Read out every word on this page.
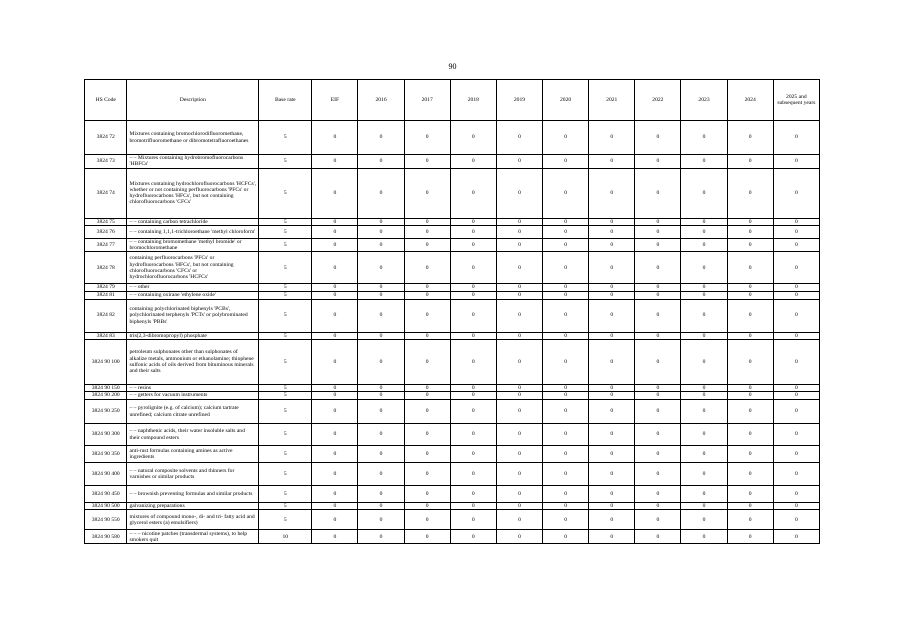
90
HS Code	Description	Base rate	EIF	2016	2017	2018	2019	2020	2021	2022	2023	2024	2025 and subsequent years
3824 72	Mixtures containing bromochlorodifluoromethane, bromotrifluoromethane or dibromotetrafluoroethanes	5	0	0	0	0	0	0	0	0	0	0	0
3824 73	– – Mixtures containing hydrobromofluorocarbons 'HBFCs'	5	0	0	0	0	0	0	0	0	0	0	0
3824 74	Mixtures containing hydrochlorofluorocarbons 'HCFCs', whether or not containing perfluorocarbons 'PFCs' or hydrofluorocarbons 'HFCs', but not containing chlorofluorocarbons 'CFCs'	5	0	0	0	0	0	0	0	0	0	0	0
3824 75	– – containing carbon tetrachloride	5	0	0	0	0	0	0	0	0	0	0	0
3824 76	– – containing 1,1,1-trichloroethane 'methyl chloroform'	5	0	0	0	0	0	0	0	0	0	0	0
3824 77	– – containing bromomethane 'methyl bromide' or bromochloromethane	5	0	0	0	0	0	0	0	0	0	0	0
3824 78	containing perfluorocarbons 'PFCs' or hydrofluorocarbons 'HFCs', but not containing chlorofluorocarbons 'CFCs' or hydrochlorofluorocarbons 'HCFCs'	5	0	0	0	0	0	0	0	0	0	0	0
3824 79	– – other	5	0	0	0	0	0	0	0	0	0	0	0
3824 81	– – containing oxirane 'ethylene oxide'	5	0	0	0	0	0	0	0	0	0	0	0
3824 82	containing polychlorinated biphenyls 'PCBs', polychlorinated terphenyls 'PCTs' or polybrominated biphenyls 'PBBs'	5	0	0	0	0	0	0	0	0	0	0	0
3824 83	tris(2,3-dibromopropyl) phosphate	5	0	0	0	0	0	0	0	0	0	0	0
3824 90 100	petroleum sulphonates other than sulphonates of alkalize metals, ammonium or ethanolamine; thiophene sulfonic acids of oils derived from bituminous minerals and their salts	5	0	0	0	0	0	0	0	0	0	0	0
3824 90 150	– – resins	5	0	0	0	0	0	0	0	0	0	0	0
3824 90 200	– – getters for vacuum instruments	5	0	0	0	0	0	0	0	0	0	0	0
3824 90 250	– – pyrolignite (e.g. of calcium); calcium tartrate unrefined; calcium citrate unrefined	5	0	0	0	0	0	0	0	0	0	0	0
3824 90 300	– – naphthenic acids, their water insoluble salts and their compound esters	5	0	0	0	0	0	0	0	0	0	0	0
3824 90 350	anti-rust formulas containing amines as active ingredients	5	0	0	0	0	0	0	0	0	0	0	0
3824 90 400	– – natural composite solvents and thinners for varnishes or similar products	5	0	0	0	0	0	0	0	0	0	0	0
3824 90 450	– – brownish preventing formulas and similar products	5	0	0	0	0	0	0	0	0	0	0	0
3824 90 500	galvanizing preparations	5	0	0	0	0	0	0	0	0	0	0	0
3824 90 550	mixtures of compound mono-, di- and tri- fatty acid and glycerol esters (a) emulsifiers)	5	0	0	0	0	0	0	0	0	0	0	0
3824 90 580	– – – nicotine patches (transdermal systems), to help smokers quit	10	0	0	0	0	0	0	0	0	0	0	0
